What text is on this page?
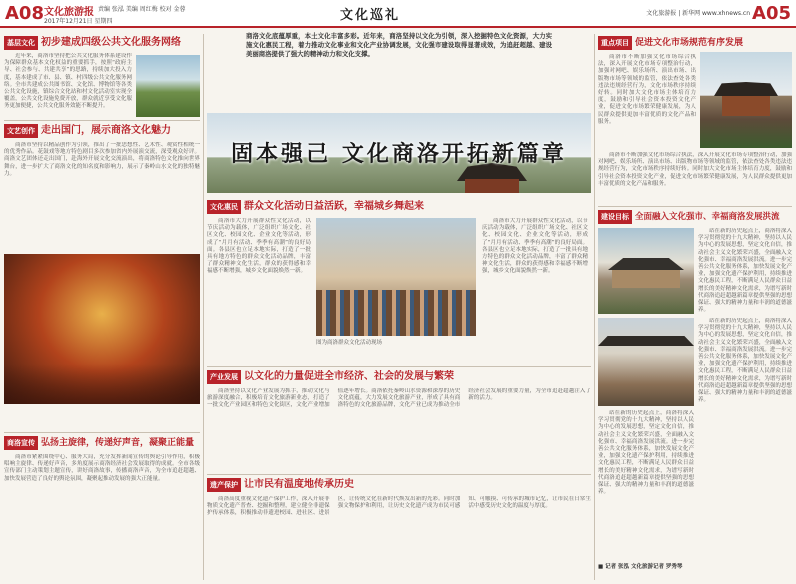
A08 文化旅游报 责编 张泓 美编 周红梅 校对 金蓉
2017年12月21日 星期四	文化巡礼	文化旅游报 | 新华网 www.xhnews.cn A05
基层文化 初步建成四级公共文化服务网络

近年来，商洛市坚持把公共文化服务体系建设作为保障群众基本文化权益的重要抓手，按照“政府主导、社会参与、共建共享”的思路，持续加大投入力度，基本建成了市、县、镇、村四级公共文化服务网络。全市共建成公共图书馆、文化馆、博物馆等各类公共文化设施，镇综合文化站和村文化活动室实现全覆盖，公共文化设施免费开放，群众就近享受文化服务更加便捷，公共文化服务效能不断提升。

文艺创作 走出国门，展示商洛文化魅力

商洛市坚持以精品创作为引领，推出了一批思想性、艺术性、观赏性相统一的优秀作品。花鼓戏等地方特色剧目多次参加省内外展演交流，深受观众好评。商洛文艺团体还走出国门，赴海外开展文化交流演出，将商洛特色文化推向世界舞台，进一步扩大了商洛文化的知名度和影响力，展示了秦岭山水文化的独特魅力。

商洛宣传 弘扬主旋律，传递好声音，凝聚正能量

商洛市紧紧围绕中心、服务大局，充分发挥新闻宣传的舆论引导作用，积极唱响主旋律、传递好声音，多角度展示商洛经济社会发展取得的成就。全市各级宣传部门主动策划主题宣传，讲好商洛故事，传播商洛声音，为全市追赶超越、加快发展营造了良好的舆论氛围，凝聚起推动发展的强大正能量。

商洛文化底蕴厚重，本土文化丰富多彩。近年来，商洛坚持以文化为引领，深入挖掘特色文化资源，大力实施文化惠民工程，着力推动文化事业和文化产业协调发展，文化强市建设取得显著成效，为追赶超越、建设美丽商洛提供了强大的精神动力和文化支撑。

固本强己 文化商洛开拓新篇章
文化惠民 群众文化活动日益活跃，幸福城乡舞起来

商洛市大力开展群众性文化活动，以节庆活动为载体，广泛组织广场文化、社区文化、校园文化、企业文化等活动，形成了“月月有活动、季季有高潮”的良好局面。各县区也立足本地实际，打造了一批具有地方特色的群众文化活动品牌，丰富了群众精神文化生活，群众的获得感和幸福感不断增强，城乡文化面貌焕然一新。

图为商洛群众文化活动现场

商洛市大力开展群众性文化活动，以节庆活动为载体，广泛组织广场文化、社区文化、校园文化、企业文化等活动，形成了“月月有活动、季季有高潮”的良好局面。各县区也立足本地实际，打造了一批具有地方特色的群众文化活动品牌，丰富了群众精神文化生活，群众的获得感和幸福感不断增强，城乡文化面貌焕然一新。

产业发展 以文化的力量促进全市经济、社会的发展与繁荣

商洛坚持以文化产业发展为抓手，推动文化与旅游深度融合，积极培育文化旅游新业态，打造了一批文化产业园区和特色文化街区，文化产业增加值逐年增长。商洛依托秦岭山水资源和深厚的历史文化底蕴，大力发展文化旅游产业，形成了具有商洛特色的文化旅游品牌，文化产业已成为推动全市经济社会发展的重要力量，为全市追赶超越注入了新的活力。

遗产保护 让市民有温度地传承历史

商洛高度重视文化遗产保护工作，深入开展非物质文化遗产普查、挖掘和整理，建立健全非遗保护传承体系，积极推动非遗进校园、进社区、进景区，让传统文化在新时代焕发出新的光彩。同时加强文物保护和利用，让历史文化遗产成为市民可感知、可触摸、可传承的城市记忆，让市民在日常生活中感受历史文化的温度与厚度。

重点项目 促进文化市场规范有序发展

商洛市不断加强文化市场综合执法，深入开展文化市场专项整治行动，加强对网吧、娱乐场所、演出市场、出版物市场等领域的监管，依法查处各类违法违规经营行为，文化市场秩序持续好转。同时加大文化市场主体培育力度，鼓励和引导社会资本投资文化产业，促进文化市场繁荣健康发展，为人民群众提供更加丰富优质的文化产品和服务。

商洛市不断加强文化市场综合执法，深入开展文化市场专项整治行动，加强对网吧、娱乐场所、演出市场、出版物市场等领域的监管，依法查处各类违法违规经营行为，文化市场秩序持续好转。同时加大文化市场主体培育力度，鼓励和引导社会资本投资文化产业，促进文化市场繁荣健康发展，为人民群众提供更加丰富优质的文化产品和服务。

建设目标 全面融入文化强市、幸福商洛发展洪流

站在新的历史起点上，商洛将深入学习贯彻党的十九大精神，坚持以人民为中心的发展思想，坚定文化自信，推动社会主义文化繁荣兴盛，全面融入文化强市、幸福商洛发展洪流。进一步完善公共文化服务体系，加快发展文化产业，加强文化遗产保护利用，持续推进文化惠民工程，不断满足人民群众日益增长的美好精神文化需求，为谱写新时代商洛追赶超越新篇章提供坚强的思想保证、强大的精神力量和丰润的道德滋养。

站在新的历史起点上，商洛将深入学习贯彻党的十九大精神，坚持以人民为中心的发展思想，坚定文化自信，推动社会主义文化繁荣兴盛，全面融入文化强市、幸福商洛发展洪流。进一步完善公共文化服务体系，加快发展文化产业，加强文化遗产保护利用，持续推进文化惠民工程，不断满足人民群众日益增长的美好精神文化需求，为谱写新时代商洛追赶超越新篇章提供坚强的思想保证、强大的精神力量和丰润的道德滋养。

站在新的历史起点上，商洛将深入学习贯彻党的十九大精神，坚持以人民为中心的发展思想，坚定文化自信，推动社会主义文化繁荣兴盛，全面融入文化强市、幸福商洛发展洪流。进一步完善公共文化服务体系，加快发展文化产业，加强文化遗产保护利用，持续推进文化惠民工程，不断满足人民群众日益增长的美好精神文化需求，为谱写新时代商洛追赶超越新篇章提供坚强的思想保证、强大的精神力量和丰润的道德滋养。

■ 记者 张泓 文化旅游记者 罗秀琴
